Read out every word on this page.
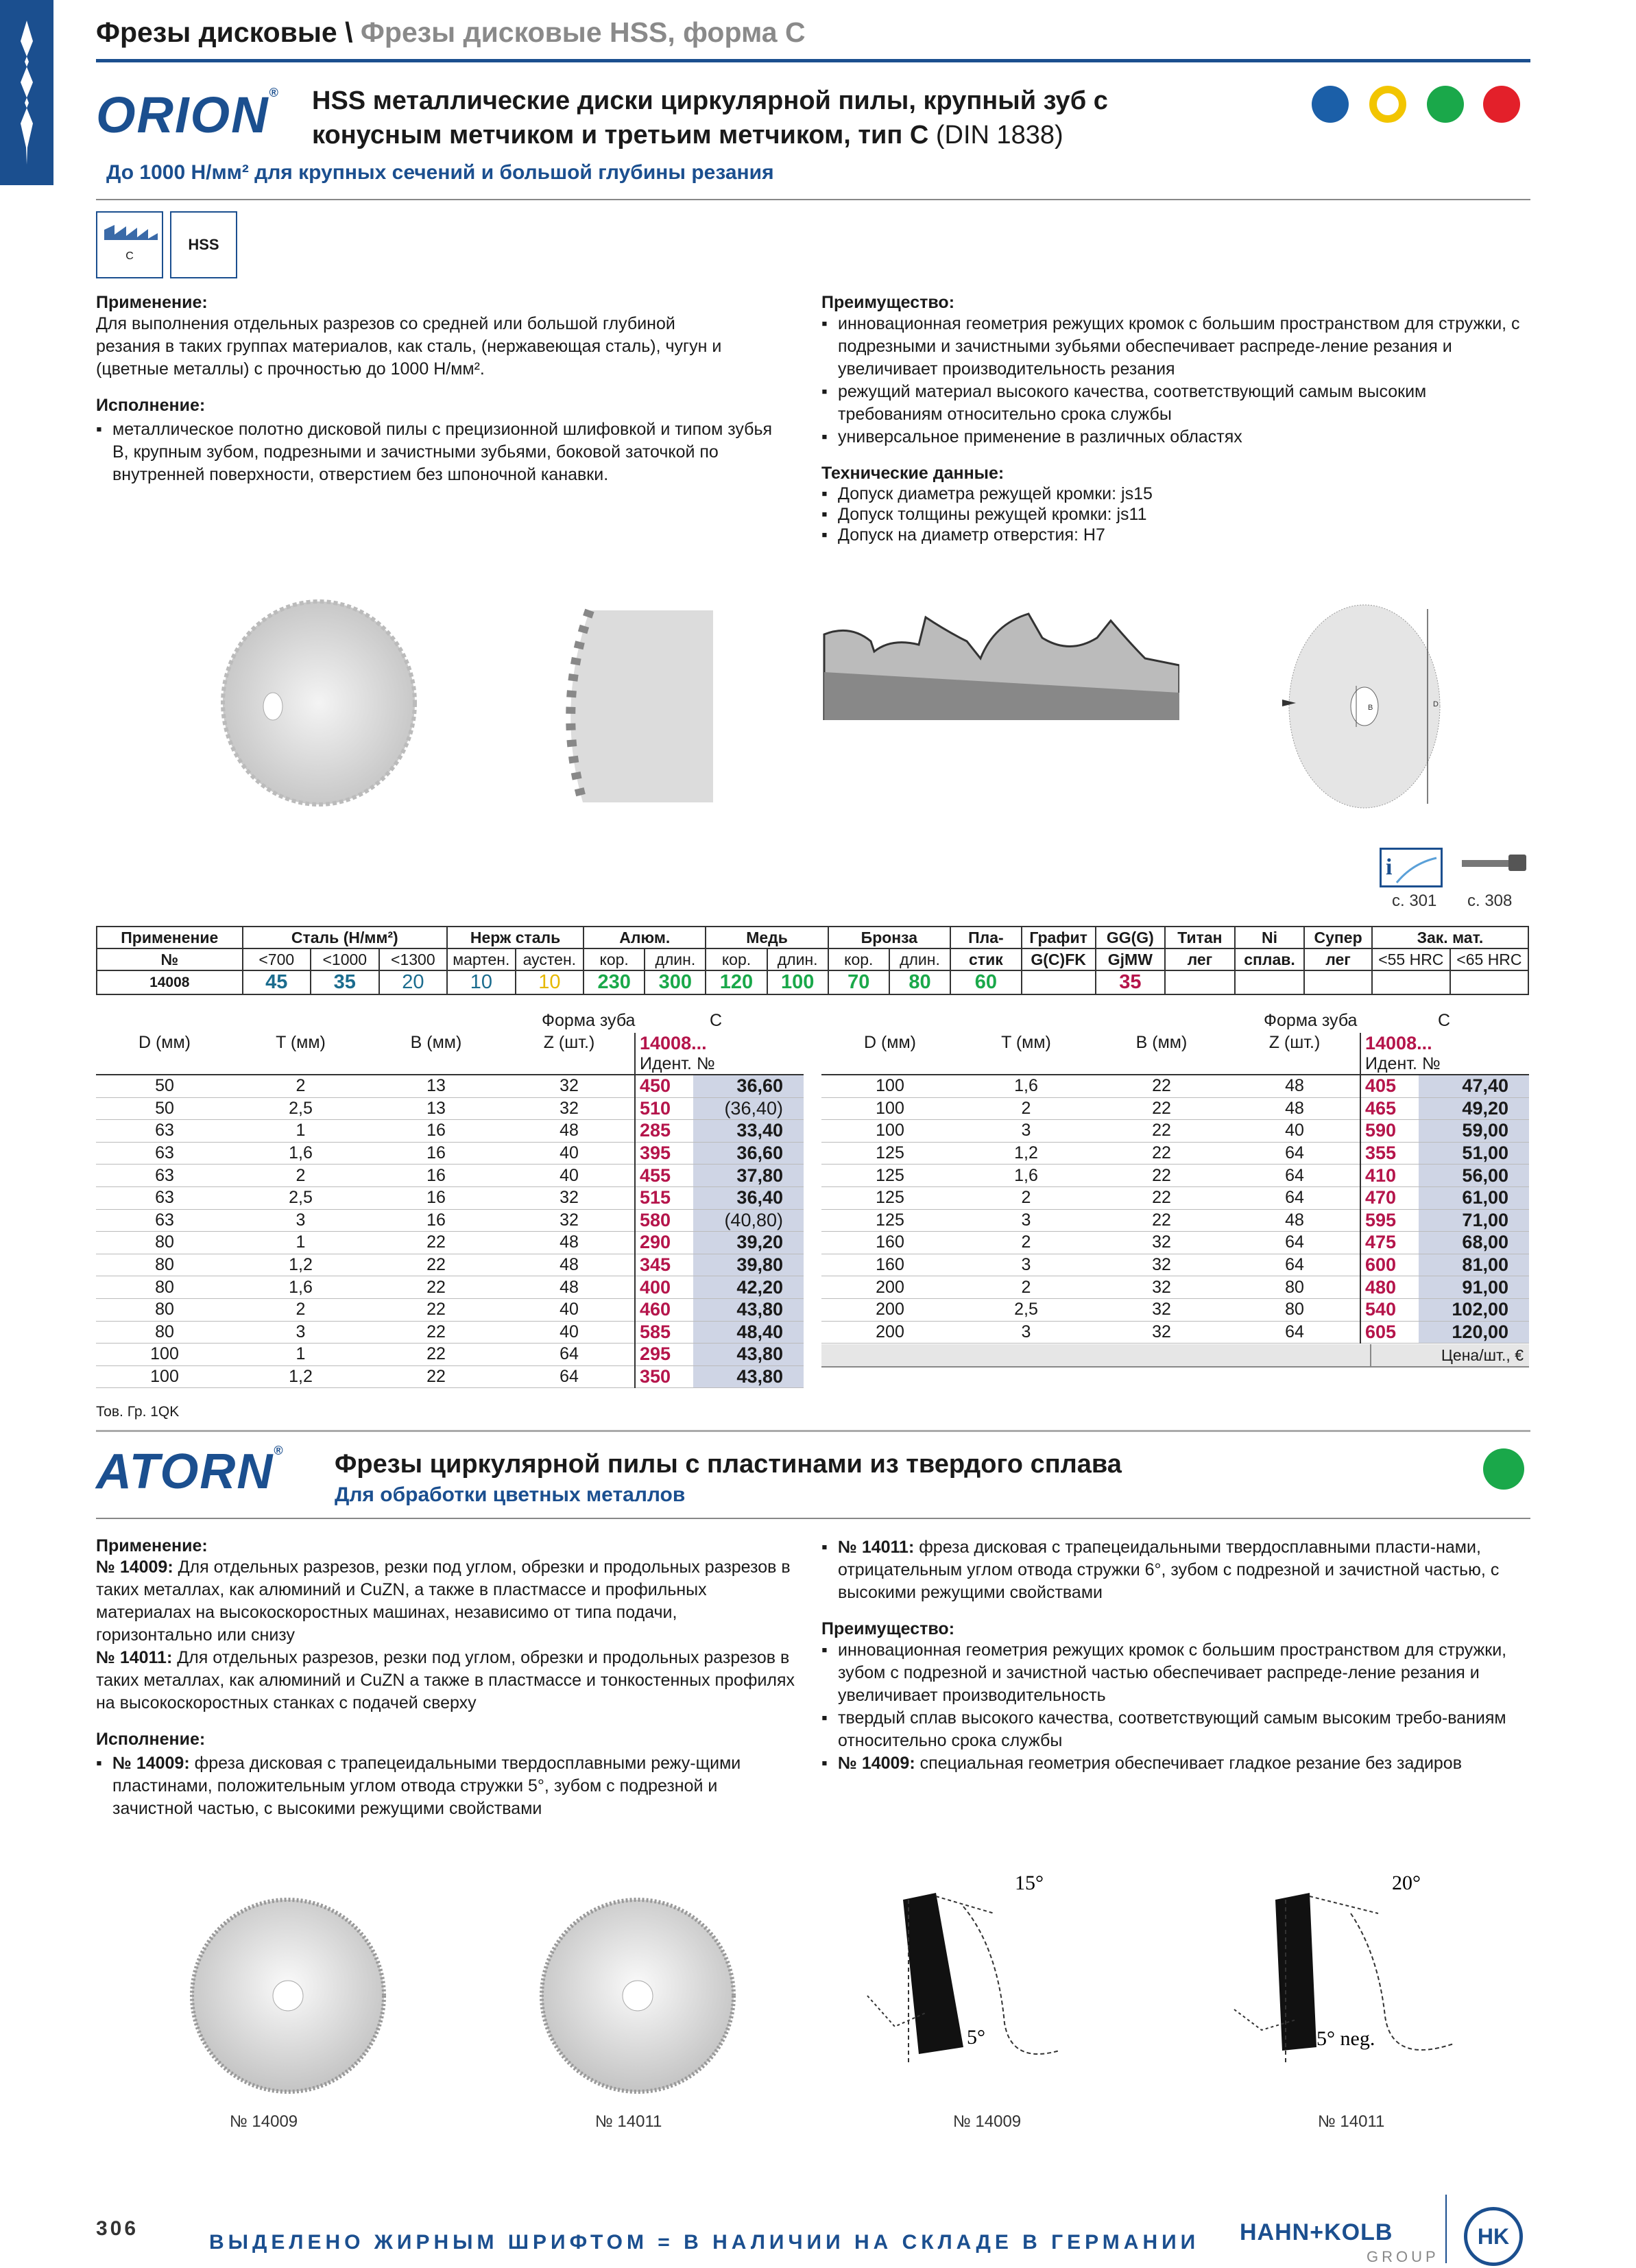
Фрезы дисковые \ Фрезы дисковые HSS, форма C
ORION® HSS металлические диски циркулярной пилы, крупный зуб с
конусным метчиком и третьим метчиком, тип C (DIN 1838)
До 1000 Н/мм² для крупных сечений и большой глубины резания
C
HSS
Применение:
Для выполнения отдельных разрезов со средней или большой глубиной
резания в таких группах материалов, как сталь, (нержавеющая сталь), чугун и
(цветные металлы) с прочностью до 1000 Н/мм².
Исполнение:
▪ металлическое полотно дисковой пилы с прецизионной шлифовкой и типом зубья B, крупным зубом, подрезными и зачистными зубьями, боковой заточкой по внутренней поверхности, отверстием без шпоночной канавки.
Преимущество:
▪ инновационная геометрия режущих кромок с большим пространством для стружки, с подрезными и зачистными зубьями обеспечивает распреде-ление резания и увеличивает производительность резания
▪ режущий материал высокого качества, соответствующий самым высоким требованиям относительно срока службы
▪ универсальное применение в различных областях
Технические данные:
▪ Допуск диаметра режущей кромки: js15
▪ Допуск толщины режущей кромки: js11
▪ Допуск на диаметр отверстия: H7
D
B
i
с. 301 с. 308
Применение	Сталь (Н/мм²)			Нерж сталь		Алюм.		Медь		Бронза		Пла-	Графит	GG(G)	Титан	Ni	Супер	Зак. мат.	
№	<700	<1000	<1300	мартен.	аустен.	кор.	длин.	кор.	длин.	кор.	длин.	стик	G(C)FK	GjMW	лег	сплав.	лег	<55 HRC	<65 HRC
14008	45	35	20	10	10	230	300	120	100	70	80	60		35					
Форма зуба	C	Форма зуба	C
D (мм)	T (мм)	B (мм)	Z (шт.)	14008...
Идент. №	

50	2	13	32	450	36,60
50	2,5	13	32	510	(36,40)
63	1	16	48	285	33,40
63	1,6	16	40	395	36,60
63	2	16	40	455	37,80
63	2,5	16	32	515	36,40
63	3	16	32	580	(40,80)
80	1	22	48	290	39,20
80	1,2	22	48	345	39,80
80	1,6	22	48	400	42,20
80	2	22	40	460	43,80
80	3	22	40	585	48,40
100	1	22	64	295	43,80
100	1,2	22	64	350	43,80
D (мм)	T (мм)	B (мм)	Z (шт.)	14008...
Идент. №	

100	1,6	22	48	405	47,40
100	2	22	48	465	49,20
100	3	22	40	590	59,00
125	1,2	22	64	355	51,00
125	1,6	22	64	410	56,00
125	2	22	64	470	61,00
125	3	22	48	595	71,00
160	2	32	64	475	68,00
160	3	32	64	600	81,00
200	2	32	80	480	91,00
200	2,5	32	80	540	102,00
200	3	32	64	605	120,00
Цена/шт., €
Тов. Гр. 1QK
ATORN® Фрезы циркулярной пилы с пластинами из твердого сплава
Для обработки цветных металлов
Применение:
№ 14009: Для отдельных разрезов, резки под углом, обрезки и продольных разрезов в таких металлах, как алюминий и CuZN, а также в пластмассе и профильных материалах на высокоскоростных машинах, независимо от типа подачи, горизонтально или снизу
№ 14011: Для отдельных разрезов, резки под углом, обрезки и продольных разрезов в таких металлах, как алюминий и CuZN а также в пластмассе и тонкостенных профилях на высокоскоростных станках с подачей сверху
Исполнение:
▪ № 14009: фреза дисковая с трапецеидальными твердосплавными режу-щими пластинами, положительным углом отвода стружки 5°, зубом с подрезной и зачистной частью, с высокими режущими свойствами
▪ № 14011: фреза дисковая с трапецеидальными твердосплавными пласти-нами, отрицательным углом отвода стружки 6°, зубом с подрезной и зачистной частью, с высокими режущими свойствами
Преимущество:
▪ инновационная геометрия режущих кромок с большим пространством для стружки, зубом с подрезной и зачистной частью обеспечивает распреде-ление резания и увеличивает производительность
▪ твердый сплав высокого качества, соответствующий самым высоким требо-ваниям относительно срока службы
▪ № 14009: специальная геометрия обеспечивает гладкое резание без задиров
15°
5°
20°
5° neg.
№ 14009	№ 14011	№ 14009	№ 14011
306
ВЫДЕЛЕНО ЖИРНЫМ ШРИФТОМ = В НАЛИЧИИ НА СКЛАДЕ В ГЕРМАНИИ HAHN+KOLB
GROUP
HK
